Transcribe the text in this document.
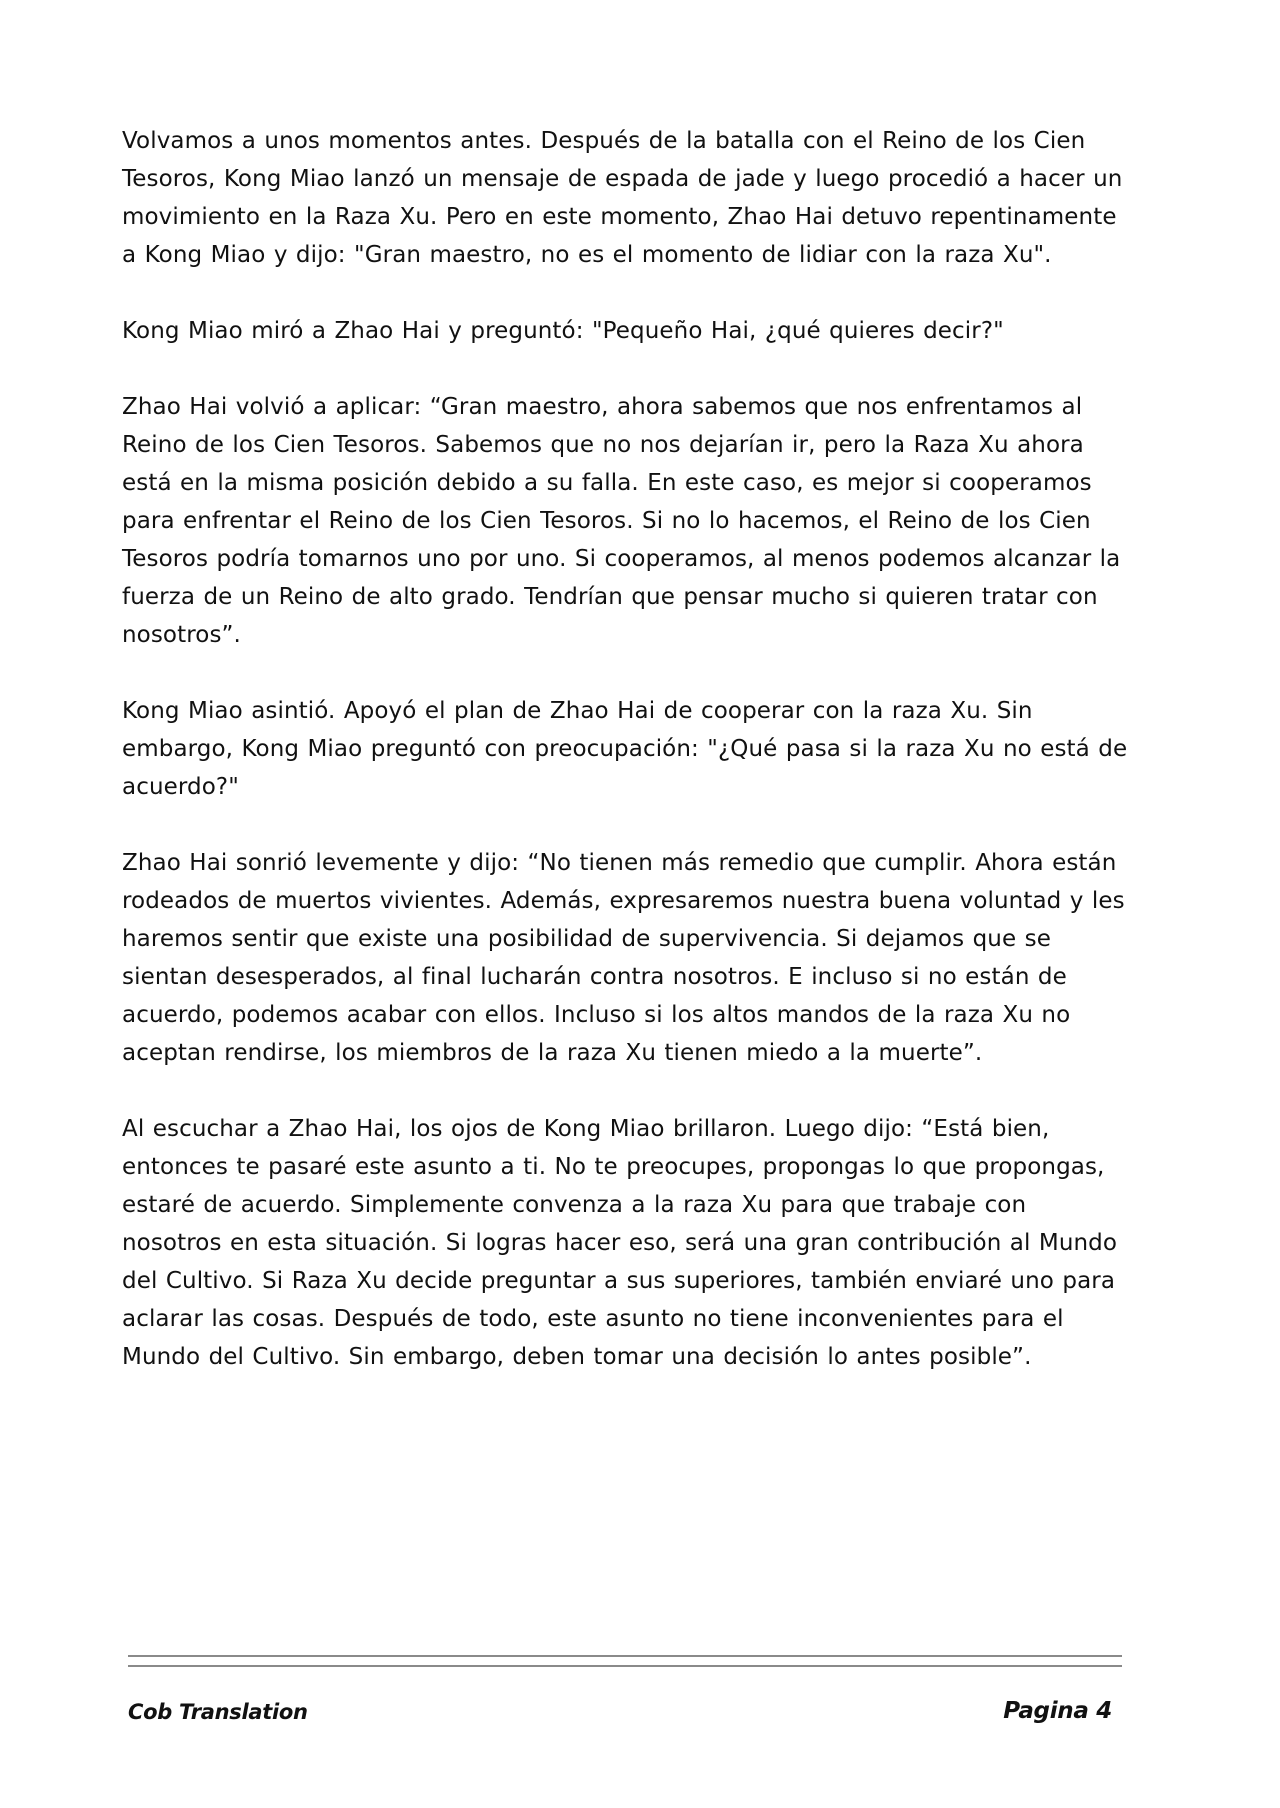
Volvamos a unos momentos antes. Después de la batalla con el Reino de los Cien Tesoros, Kong Miao lanzó un mensaje de espada de jade y luego procedió a hacer un movimiento en la Raza Xu. Pero en este momento, Zhao Hai detuvo repentinamente a Kong Miao y dijo: "Gran maestro, no es el momento de lidiar con la raza Xu".

Kong Miao miró a Zhao Hai y preguntó: "Pequeño Hai, ¿qué quieres decir?"

Zhao Hai volvió a aplicar: “Gran maestro, ahora sabemos que nos enfrentamos al Reino de los Cien Tesoros. Sabemos que no nos dejarían ir, pero la Raza Xu ahora está en la misma posición debido a su falla. En este caso, es mejor si cooperamos para enfrentar el Reino de los Cien Tesoros. Si no lo hacemos, el Reino de los Cien Tesoros podría tomarnos uno por uno. Si cooperamos, al menos podemos alcanzar la fuerza de un Reino de alto grado. Tendrían que pensar mucho si quieren tratar con nosotros”.

Kong Miao asintió. Apoyó el plan de Zhao Hai de cooperar con la raza Xu. Sin embargo, Kong Miao preguntó con preocupación: "¿Qué pasa si la raza Xu no está de acuerdo?"

Zhao Hai sonrió levemente y dijo: “No tienen más remedio que cumplir. Ahora están rodeados de muertos vivientes. Además, expresaremos nuestra buena voluntad y les haremos sentir que existe una posibilidad de supervivencia. Si dejamos que se sientan desesperados, al final lucharán contra nosotros. E incluso si no están de acuerdo, podemos acabar con ellos. Incluso si los altos mandos de la raza Xu no aceptan rendirse, los miembros de la raza Xu tienen miedo a la muerte”.

Al escuchar a Zhao Hai, los ojos de Kong Miao brillaron. Luego dijo: “Está bien, entonces te pasaré este asunto a ti. No te preocupes, propongas lo que propongas, estaré de acuerdo. Simplemente convenza a la raza Xu para que trabaje con nosotros en esta situación. Si logras hacer eso, será una gran contribución al Mundo del Cultivo. Si Raza Xu decide preguntar a sus superiores, también enviaré uno para aclarar las cosas. Después de todo, este asunto no tiene inconvenientes para el Mundo del Cultivo. Sin embargo, deben tomar una decisión lo antes posible”.

Cob Translation	Pagina 4
